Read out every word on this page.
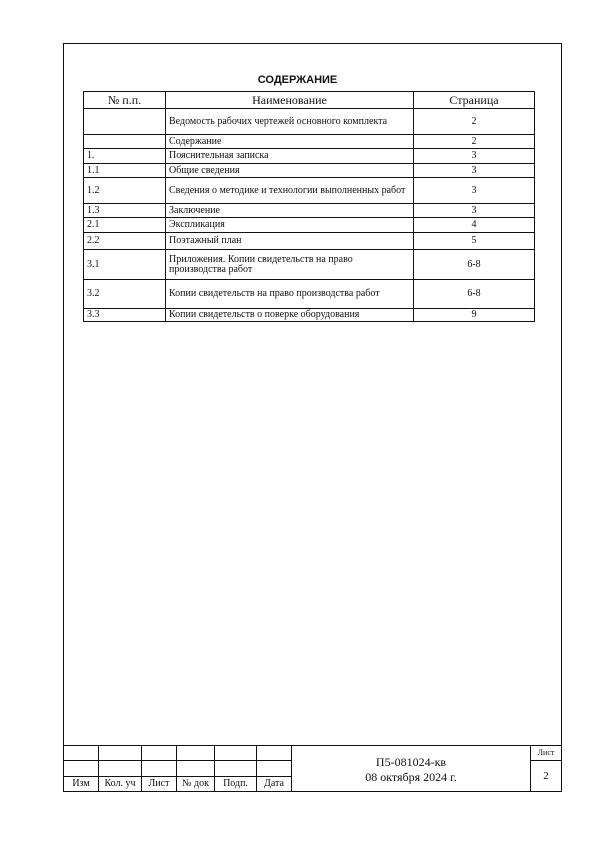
СОДЕРЖАНИЕ
№ п.п.	Наименование	Страница
	Ведомость рабочих чертежей основного комплекта	2
	Содержание	2
1.	Пояснительная записка	3
1.1	Общие сведения	3
1.2	Сведения о методике и технологии выполненных работ	3
1.3	Заключение	3
2.1	Экспликация	4
2.2	Поэтажный план	5
3.1	Приложения. Копии свидетельств на право производства работ	6-8
3.2	Копии свидетельств на право производства работ	6-8
3.3	Копии свидетельств о поверке оборудования	9

Изм	Кол. уч	Лист	№ док	Подп.	Дата
П5-081024-кв
08 октября 2024 г.
Лист
2
